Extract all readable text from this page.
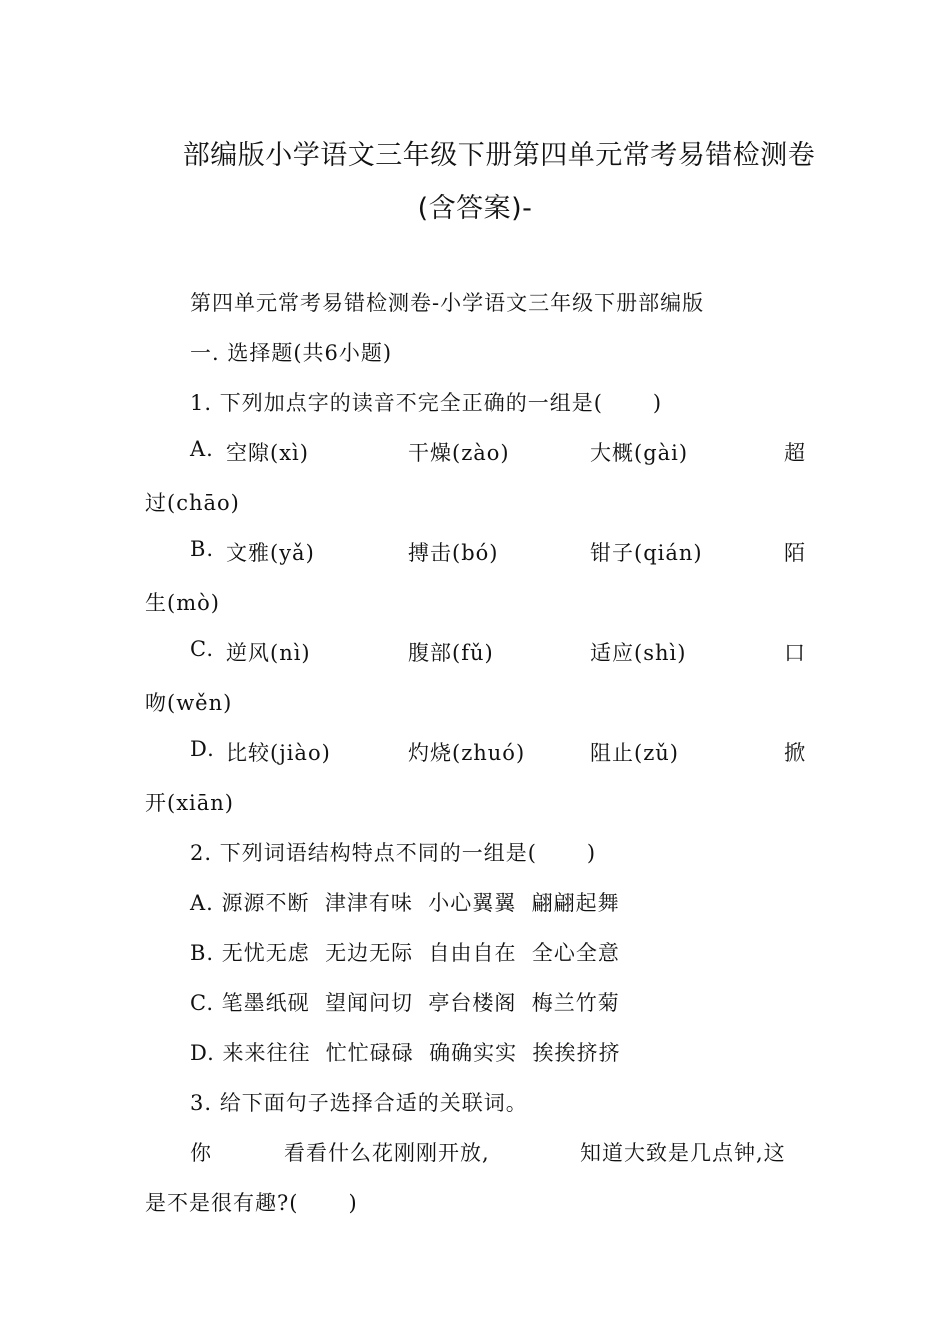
部编版小学语文三年级下册第四单元常考易错检测卷
(含答案)-
第四单元常考易错检测卷-小学语文三年级下册部编版
一. 选择题(共6小题)
1. 下列加点字的读音不完全正确的一组是( )
A. 空隙(xì)	干燥(zào)	大概(gài)	超
过(chāo)
B. 文雅(yǎ)	搏击(bó)	钳子(qián)	陌
生(mò)
C. 逆风(nì)	腹部(fǔ)	适应(shì)	口
吻(wěn)
D. 比较(jiào)	灼烧(zhuó)	阻止(zǔ)	掀
开(xiān)
2. 下列词语结构特点不同的一组是( )
A. 源源不断  津津有味  小心翼翼  翩翩起舞
B. 无忧无虑  无边无际  自由自在  全心全意
C. 笔墨纸砚  望闻问切  亭台楼阁  梅兰竹菊
D. 来来往往  忙忙碌碌  确确实实  挨挨挤挤
3. 给下面句子选择合适的关联词。
你	看看什么花刚刚开放,	知道大致是几点钟,这
是不是很有趣?( )
